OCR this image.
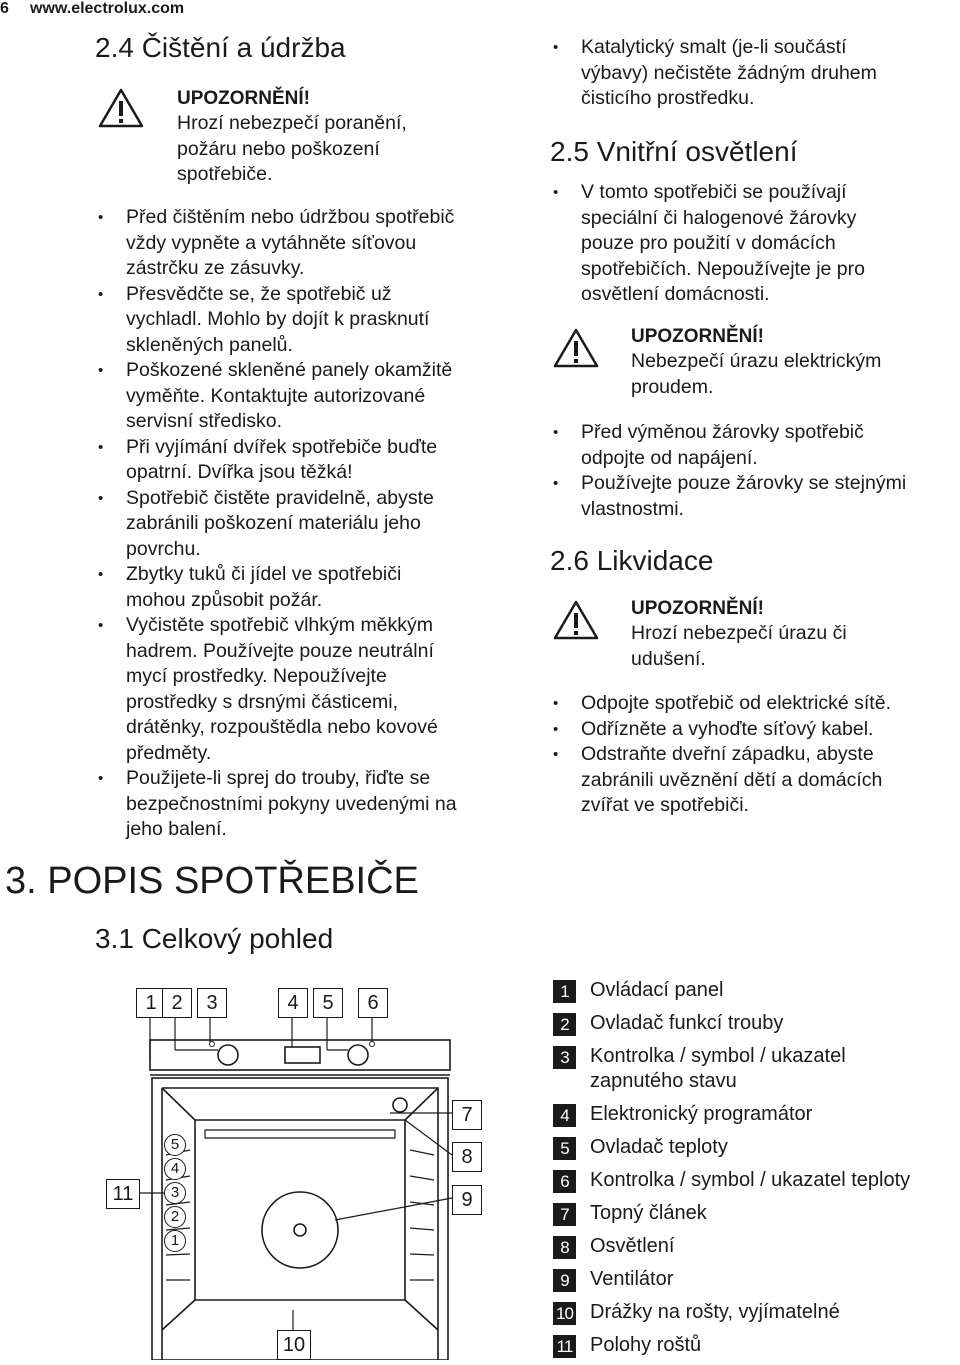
6 www.electrolux.com
2.4 Čištění a údržba
UPOZORNĚNÍ!
Hrozí nebezpečí poranění,
požáru nebo poškození
spotřebiče.
• Před čištěním nebo údržbou spotřebič
vždy vypněte a vytáhněte síťovou
zástrčku ze zásuvky.
• Přesvědčte se, že spotřebič už
vychladl. Mohlo by dojít k prasknutí
skleněných panelů.
• Poškozené skleněné panely okamžitě
vyměňte. Kontaktujte autorizované
servisní středisko.
• Při vyjímání dvířek spotřebiče buďte
opatrní. Dvířka jsou těžká!
• Spotřebič čistěte pravidelně, abyste
zabránili poškození materiálu jeho
povrchu.
• Zbytky tuků či jídel ve spotřebiči
mohou způsobit požár.
• Vyčistěte spotřebič vlhkým měkkým
hadrem. Používejte pouze neutrální
mycí prostředky. Nepoužívejte
prostředky s drsnými částicemi,
drátěnky, rozpouštědla nebo kovové
předměty.
• Použijete-li sprej do trouby, řiďte se
bezpečnostními pokyny uvedenými na
jeho balení.
• Katalytický smalt (je-li součástí
výbavy) nečistěte žádným druhem
čisticího prostředku.
2.5 Vnitřní osvětlení
• V tomto spotřebiči se používají
speciální či halogenové žárovky
pouze pro použití v domácích
spotřebičích. Nepoužívejte je pro
osvětlení domácnosti.
UPOZORNĚNÍ!
Nebezpečí úrazu elektrickým
proudem.
• Před výměnou žárovky spotřebič
odpojte od napájení.
• Používejte pouze žárovky se stejnými
vlastnostmi.
2.6 Likvidace
UPOZORNĚNÍ!
Hrozí nebezpečí úrazu či
udušení.
• Odpojte spotřebič od elektrické sítě.
• Odřízněte a vyhoďte síťový kabel.
• Odstraňte dveřní západku, abyste
zabránili uvěznění dětí a domácích
zvířat ve spotřebiči.
3. POPIS SPOTŘEBIČE
3.1 Celkový pohled
1 2	3	4	5	6
7
8
9
11
10
5
4
3
2
1
1	Ovládací panel
2	Ovladač funkcí trouby
3	Kontrolka / symbol / ukazatel
zapnutého stavu
4	Elektronický programátor
5	Ovladač teploty
6	Kontrolka / symbol / ukazatel teploty
7	Topný článek
8	Osvětlení
9	Ventilátor
10 Drážky na rošty, vyjímatelné
11 Polohy roštů
